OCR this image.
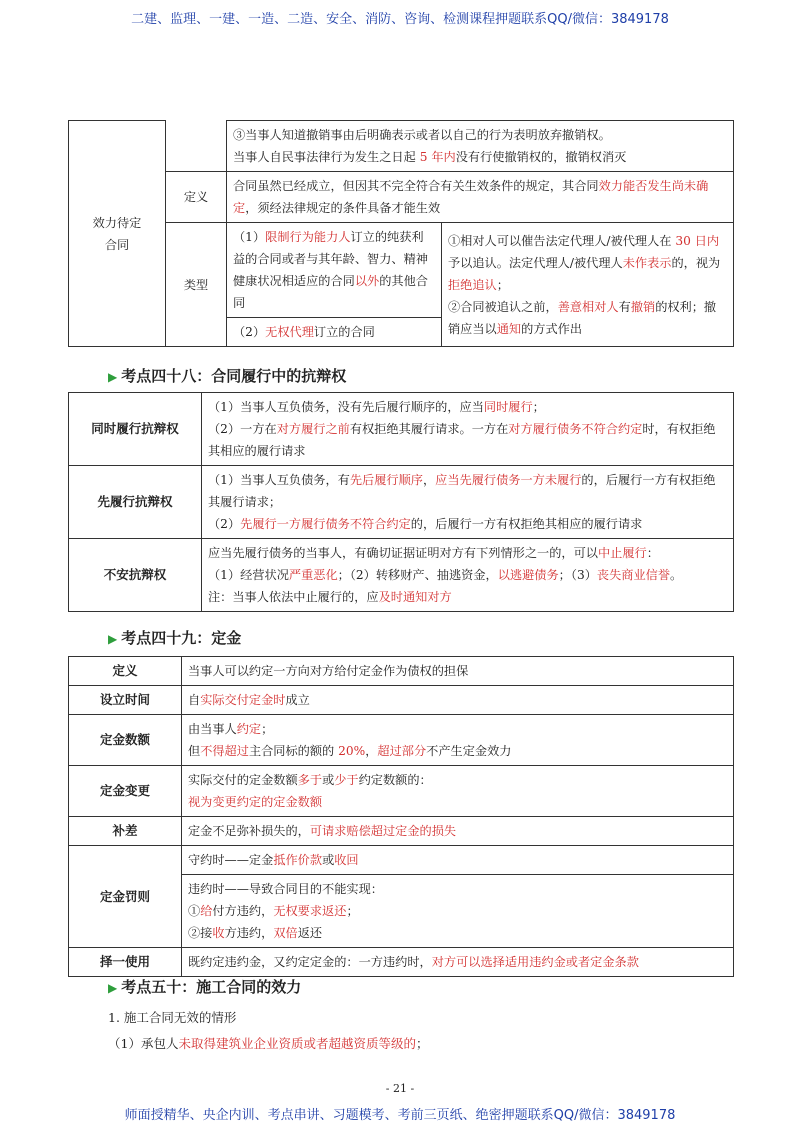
二建、监理、一建、一造、二造、安全、消防、咨询、检测课程押题联系QQ/微信：3849178
效力待定合同		③当事人知道撤销事由后明确表示或者以自己的行为表明放弃撤销权。
当事人自民事法律行为发生之日起 5 年内没有行使撤销权的，撤销权消灭	

	定义	合同虽然已经成立，但因其不完全符合有关生效条件的规定，其合同效力能否发生尚未确定，须经法律规定的条件具备才能生效	
	类型	（1）限制行为能力人订立的纯获利益的合同或者与其年龄、智力、精神健康状况相适应的合同以外的其他合同	①相对人可以催告法定代理人/被代理人在 30 日内予以追认。法定代理人/被代理人未作表示的，视为拒绝追认；
②合同被追认之前，善意相对人有撤销的权利；撤销应当以通知的方式作出
		（2）无权代理订立的合同	
▶ 考点四十八：合同履行中的抗辩权
同时履行抗辩权	（1）当事人互负债务，没有先后履行顺序的，应当同时履行；
（2）一方在对方履行之前有权拒绝其履行请求。一方在对方履行债务不符合约定时，有权拒绝其相应的履行请求

先履行抗辩权	（1）当事人互负债务，有先后履行顺序，应当先履行债务一方未履行的，后履行一方有权拒绝其履行请求；
（2）先履行一方履行债务不符合约定的，后履行一方有权拒绝其相应的履行请求

不安抗辩权	应当先履行债务的当事人，有确切证据证明对方有下列情形之一的，可以中止履行：
（1）经营状况严重恶化；（2）转移财产、抽逃资金，以逃避债务；（3）丧失商业信誉。
注：当事人依法中止履行的，应及时通知对方
▶ 考点四十九：定金
定义	当事人可以约定一方向对方给付定金作为债权的担保
设立时间	自实际交付定金时成立
定金数额	由当事人约定；
但不得超过主合同标的额的 20%，超过部分不产生定金效力

定金变更	实际交付的定金数额多于或少于约定数额的：
视为变更约定的定金数额

补差	定金不足弥补损失的，可请求赔偿超过定金的损失
定金罚则	守约时——定金抵作价款或收回
违约时——导致合同目的不能实现：
①给付方违约，无权要求返还；
②接收方违约，双倍返还

择一使用	既约定违约金，又约定定金的：一方违约时，对方可以选择适用违约金或者定金条款
▶ 考点五十：施工合同的效力
1. 施工合同无效的情形
（1）承包人未取得建筑业企业资质或者超越资质等级的；
- 21 -
师面授精华、央企内训、考点串讲、习题模考、考前三页纸、绝密押题联系QQ/微信：3849178
